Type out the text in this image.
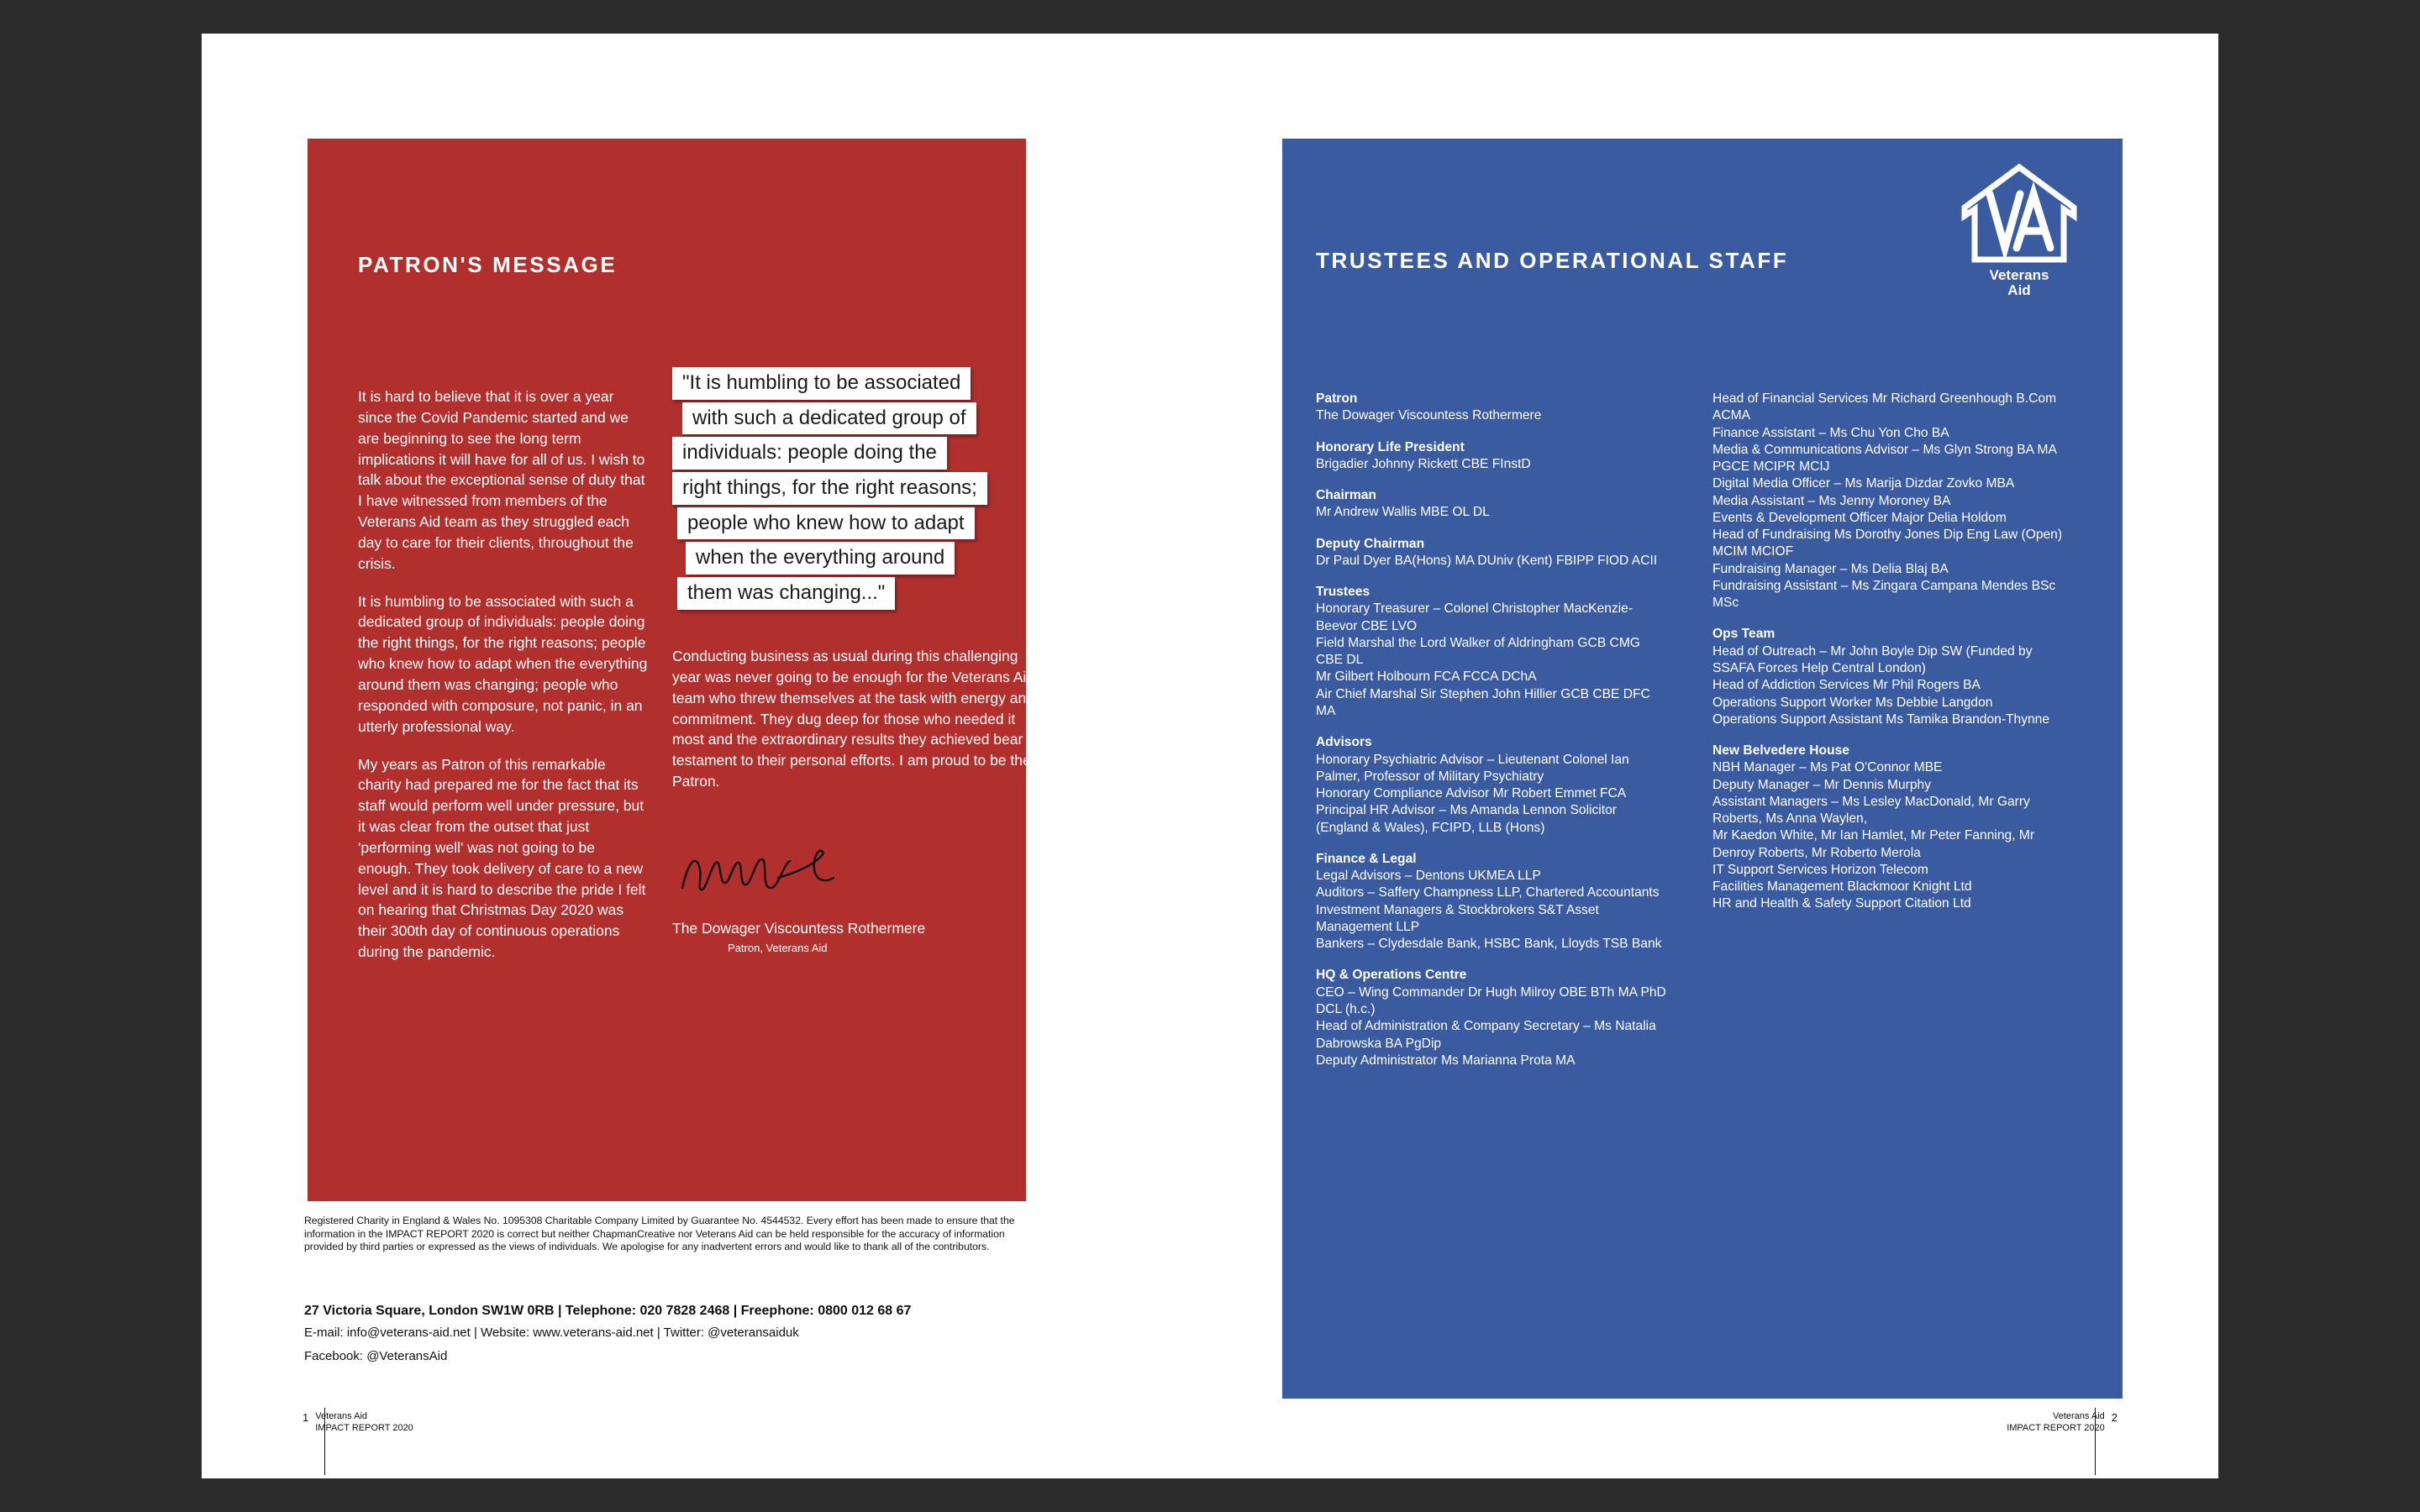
PATRON'S MESSAGE

It is hard to believe that it is over a year since the Covid Pandemic started and we are beginning to see the long term implications it will have for all of us. I wish to talk about the exceptional sense of duty that I have witnessed from members of the Veterans Aid team as they struggled each day to care for their clients, throughout the crisis.

It is humbling to be associated with such a dedicated group of individuals: people doing the right things, for the right reasons; people who knew how to adapt when the everything around them was changing; people who responded with composure, not panic, in an utterly professional way.

My years as Patron of this remarkable charity had prepared me for the fact that its staff would perform well under pressure, but it was clear from the outset that just 'performing well' was not going to be enough. They took delivery of care to a new level and it is hard to describe the pride I felt on hearing that Christmas Day 2020 was their 300th day of continuous operations during the pandemic.

"It is humbling to be associated
with such a dedicated group of
individuals: people doing the
right things, for the right reasons;
people who knew how to adapt
when the everything around
them was changing..."
Conducting business as usual during this challenging year was never going to be enough for the Veterans Aid team who threw themselves at the task with energy and commitment. They dug deep for those who needed it most and the extraordinary results they achieved bear testament to their personal efforts. I am proud to be their Patron.
The Dowager Viscountess Rothermere
Patron, Veterans Aid
Registered Charity in England & Wales No. 1095308 Charitable Company Limited by Guarantee No. 4544532. Every effort has been made to ensure that the information in the IMPACT REPORT 2020 is correct but neither ChapmanCreative nor Veterans Aid can be held responsible for the accuracy of information provided by third parties or expressed as the views of individuals. We apologise for any inadvertent errors and would like to thank all of the contributors.
27 Victoria Square, London SW1W 0RB | Telephone: 020 7828 2468 | Freephone: 0800 012 68 67
E-mail: info@veterans-aid.net | Website: www.veterans-aid.net | Twitter: @veteransaiduk
Facebook: @VeteransAid
1 Veterans Aid
IMPACT REPORT 2020
TRUSTEES AND OPERATIONAL STAFF
Veterans
Aid
Patron
The Dowager Viscountess Rothermere
Honorary Life President
Brigadier Johnny Rickett CBE FInstD
Chairman
Mr Andrew Wallis MBE OL DL
Deputy Chairman
Dr Paul Dyer BA(Hons) MA DUniv (Kent) FBIPP FIOD ACII
Trustees
Honorary Treasurer – Colonel Christopher MacKenzie-Beevor CBE LVO
Field Marshal the Lord Walker of Aldringham GCB CMG CBE DL
Mr Gilbert Holbourn FCA FCCA DChA
Air Chief Marshal Sir Stephen John Hillier GCB CBE DFC MA
Advisors
Honorary Psychiatric Advisor – Lieutenant Colonel Ian Palmer, Professor of Military Psychiatry
Honorary Compliance Advisor Mr Robert Emmet FCA
Principal HR Advisor – Ms Amanda Lennon Solicitor (England & Wales), FCIPD, LLB (Hons)
Finance & Legal
Legal Advisors – Dentons UKMEA LLP
Auditors – Saffery Champness LLP, Chartered Accountants
Investment Managers & Stockbrokers S&T Asset Management LLP
Bankers – Clydesdale Bank, HSBC Bank, Lloyds TSB Bank
HQ & Operations Centre
CEO – Wing Commander Dr Hugh Milroy OBE BTh MA PhD DCL (h.c.)
Head of Administration & Company Secretary – Ms Natalia Dabrowska BA PgDip
Deputy Administrator Ms Marianna Prota MA
Head of Financial Services Mr Richard Greenhough B.Com ACMA
Finance Assistant – Ms Chu Yon Cho BA
Media & Communications Advisor – Ms Glyn Strong BA MA PGCE MCIPR MCIJ
Digital Media Officer – Ms Marija Dizdar Zovko MBA
Media Assistant – Ms Jenny Moroney BA
Events & Development Officer Major Delia Holdom
Head of Fundraising Ms Dorothy Jones Dip Eng Law (Open) MCIM MCIOF
Fundraising Manager – Ms Delia Blaj BA
Fundraising Assistant – Ms Zingara Campana Mendes BSc MSc
Ops Team
Head of Outreach – Mr John Boyle Dip SW (Funded by SSAFA Forces Help Central London)
Head of Addiction Services Mr Phil Rogers BA
Operations Support Worker Ms Debbie Langdon
Operations Support Assistant Ms Tamika Brandon-Thynne
New Belvedere House
NBH Manager – Ms Pat O'Connor MBE
Deputy Manager – Mr Dennis Murphy
Assistant Managers – Ms Lesley MacDonald, Mr Garry Roberts, Ms Anna Waylen,
Mr Kaedon White, Mr Ian Hamlet, Mr Peter Fanning, Mr Denroy Roberts, Mr Roberto Merola
IT Support Services Horizon Telecom
Facilities Management Blackmoor Knight Ltd
HR and Health & Safety Support Citation Ltd
Veterans Aid
IMPACT REPORT 2020
2
